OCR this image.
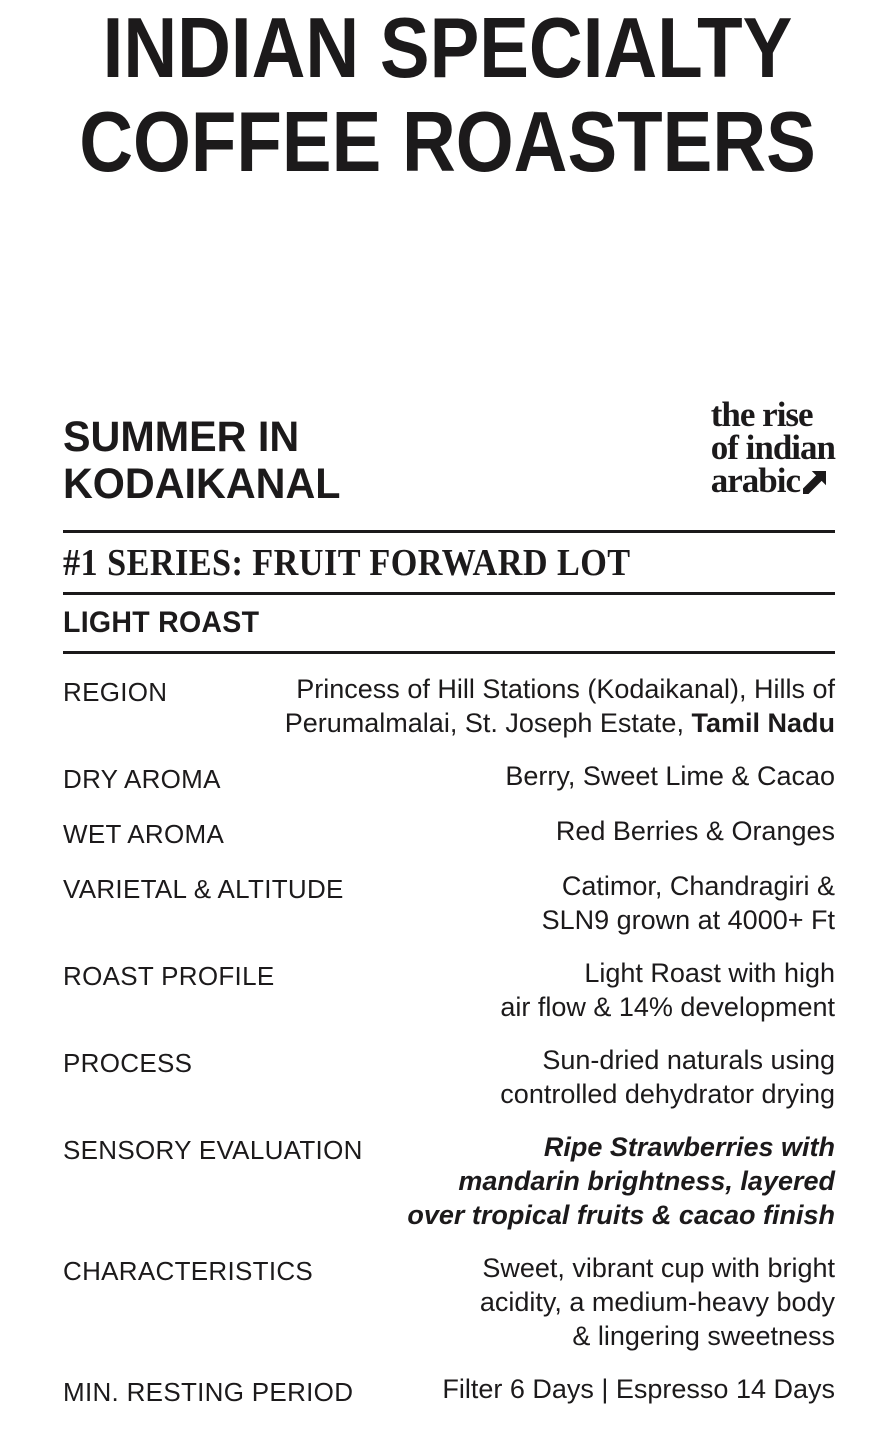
INDIAN SPECIALTY
COFFEE ROASTERS
SUMMER IN
KODAIKANAL
the rise
of indian
arabic
#1 SERIES: FRUIT FORWARD LOT
LIGHT ROAST
REGION	Princess of Hill Stations (Kodaikanal), Hills of
Perumalmalai, St. Joseph Estate, Tamil Nadu
DRY AROMA	Berry, Sweet Lime & Cacao
WET AROMA	Red Berries & Oranges
VARIETAL & ALTITUDE	Catimor, Chandragiri &
SLN9 grown at 4000+ Ft
ROAST PROFILE	Light Roast with high
air flow & 14% development
PROCESS	Sun-dried naturals using
controlled dehydrator drying
SENSORY EVALUATION	Ripe Strawberries with
mandarin brightness, layered
over tropical fruits & cacao finish
CHARACTERISTICS	Sweet, vibrant cup with bright
acidity, a medium-heavy body
& lingering sweetness
MIN. RESTING PERIOD	Filter 6 Days | Espresso 14 Days
